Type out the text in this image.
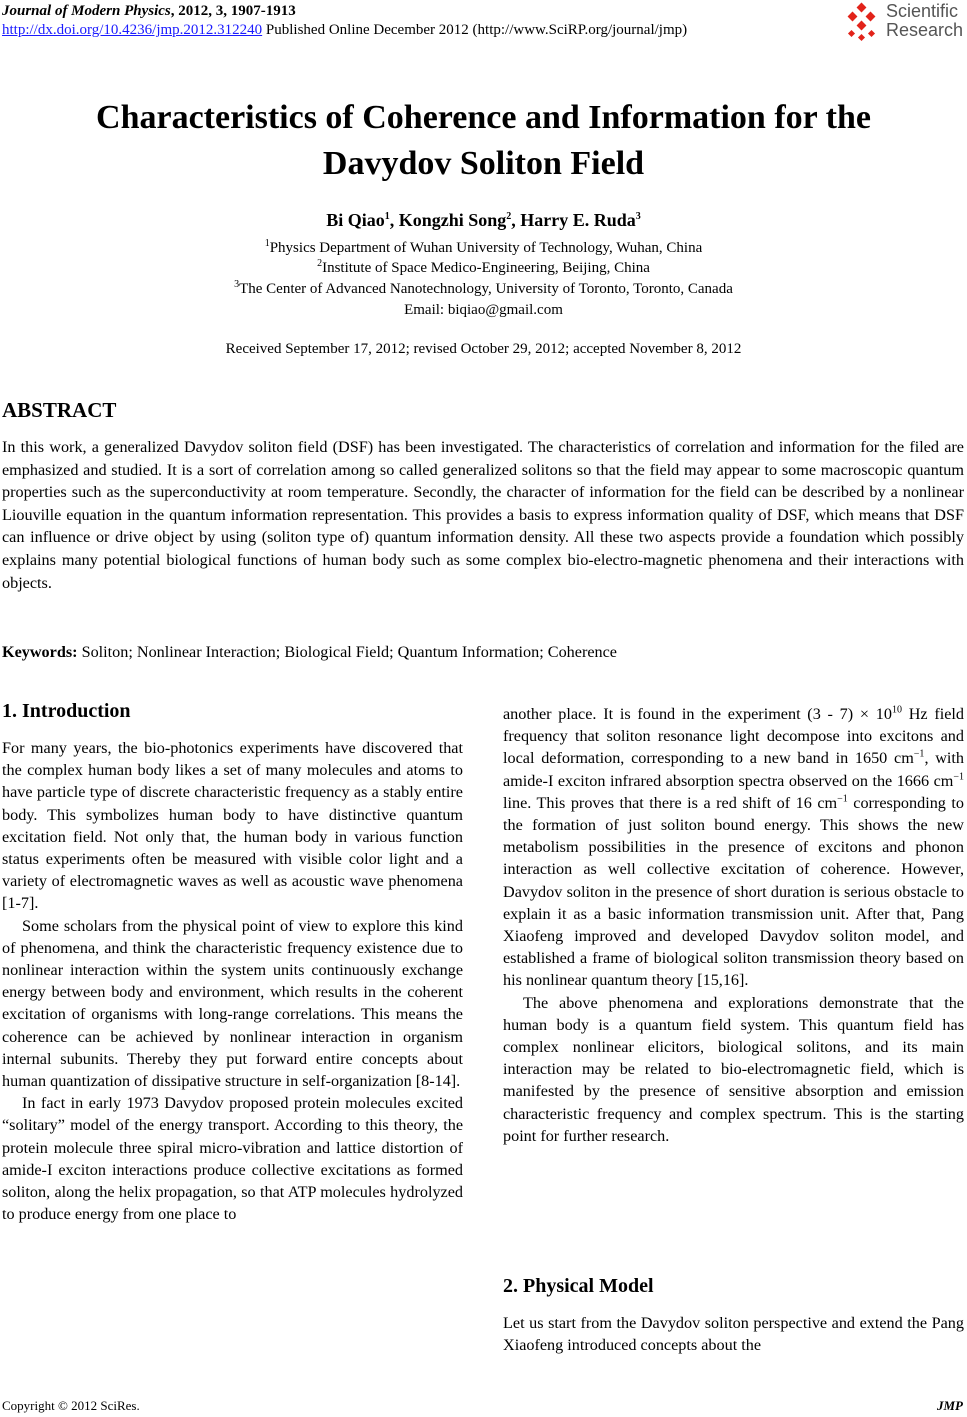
Journal of Modern Physics, 2012, 3, 1907-1913
http://dx.doi.org/10.4236/jmp.2012.312240 Published Online December 2012 (http://www.SciRP.org/journal/jmp)
Scientific
Research
Characteristics of Coherence and Information for the
Davydov Soliton Field
Bi Qiao$^1$, Kongzhi Song$^2$, Harry E. Ruda$^3$
$^1$Physics Department of Wuhan University of Technology, Wuhan, China
$^2$Institute of Space Medico-Engineering, Beijing, China
$^3$The Center of Advanced Nanotechnology, University of Toronto, Toronto, Canada
Email: biqiao@gmail.com
Received September 17, 2012; revised October 29, 2012; accepted November 8, 2012
ABSTRACT
In this work, a generalized Davydov soliton field (DSF) has been investigated. The characteristics of correlation and information for the filed are emphasized and studied. It is a sort of correlation among so called generalized solitons so that the field may appear to some macroscopic quantum properties such as the superconductivity at room temperature. Secondly, the character of information for the field can be described by a nonlinear Liouville equation in the quantum information representation. This provides a basis to express information quality of DSF, which means that DSF can influence or drive object by using (soliton type of) quantum information density. All these two aspects provide a foundation which possibly explains many potential biological functions of human body such as some complex bio-electro-magnetic phenomena and their interactions with objects.
Keywords: Soliton; Nonlinear Interaction; Biological Field; Quantum Information; Coherence
1. Introduction

For many years, the bio-photonics experiments have discovered that the complex human body likes a set of many molecules and atoms to have particle type of discrete characteristic frequency as a stably entire body. This symbolizes human body to have distinctive quantum excitation field. Not only that, the human body in various function status experiments often be measured with visible color light and a variety of electromagnetic waves as well as acoustic wave phenomena [1-7].

Some scholars from the physical point of view to explore this kind of phenomena, and think the characteristic frequency existence due to nonlinear interaction within the system units continuously exchange energy between body and environment, which results in the coherent excitation of organisms with long-range correlations. This means the coherence can be achieved by nonlinear interaction in organism internal subunits. Thereby they put forward entire concepts about human quantization of dissipative structure in self-organization [8-14].

In fact in early 1973 Davydov proposed protein molecules excited “solitary” model of the energy transport. According to this theory, the protein molecule three spiral micro-vibration and lattice distortion of amide-I exciton interactions produce collective excitations as formed soliton, along the helix propagation, so that ATP molecules hydrolyzed to produce energy from one place to

another place. It is found in the experiment $(3 - 7) \times 10^{10}$ Hz field frequency that soliton resonance light decompose into excitons and local deformation, corresponding to a new band in 1650 $cm^{-1}$, with amide-I exciton infrared absorption spectra observed on the 1666 $cm^{-1}$ line. This proves that there is a red shift of 16 $cm^{-1}$ corresponding to the formation of just soliton bound energy. This shows the new metabolism possibilities in the presence of excitons and phonon interaction as well collective excitation of coherence. However, Davydov soliton in the presence of short duration is serious obstacle to explain it as a basic information transmission unit. After that, Pang Xiaofeng improved and developed Davydov soliton model, and established a frame of biological soliton transmission theory based on his nonlinear quantum theory [15,16].

The above phenomena and explorations demonstrate that the human body is a quantum field system. This quantum field has complex nonlinear elicitors, biological solitons, and its main interaction may be related to bio-electromagnetic field, which is manifested by the presence of sensitive absorption and emission characteristic frequency and complex spectrum. This is the starting point for further research.

2. Physical Model

Let us start from the Davydov soliton perspective and extend the Pang Xiaofeng introduced concepts about the

Copyright © 2012 SciRes.	JMP
